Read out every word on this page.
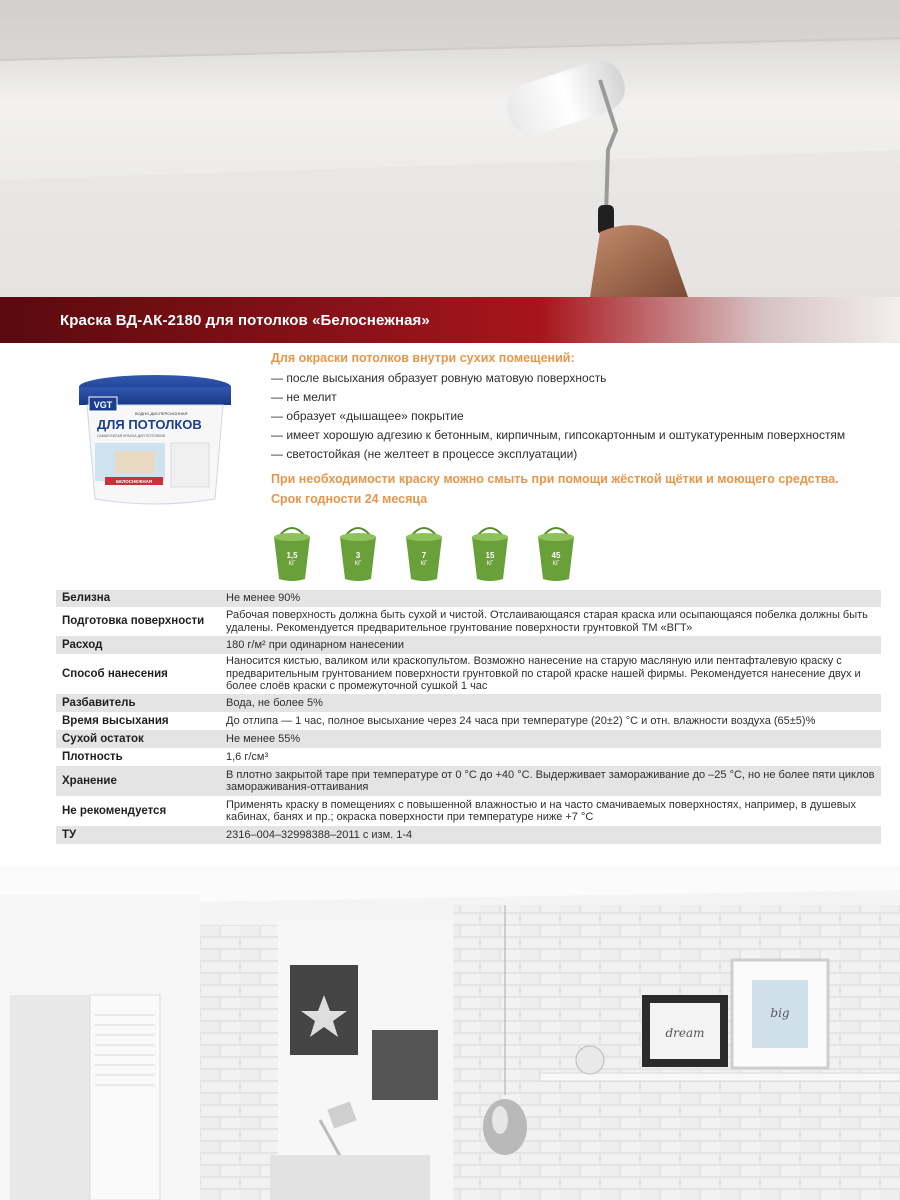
Краска ВД-АК-2180 для потолков «Белоснежная»
VGT
ВОДНО-ДИСПЕРСИОННАЯ
ДЛЯ ПОТОЛКОВ
САМАЯ БЕЛАЯ КРАСКА ДЛЯ ПОТОЛКОВ
БЕЛОСНЕЖНАЯ
Для окраски потолков внутри сухих помещений:
— после высыхания образует ровную матовую поверхность
— не мелит
— образует «дышащее» покрытие
— имеет хорошую адгезию к бетонным, кирпичным, гипсокартонным и оштукатуренным поверхностям
— светостойкая (не желтеет в процессе эксплуатации)
При необходимости краску можно смыть при помощи жёсткой щётки и моющего средства.
Срок годности 24 месяца
1,5
КГ
3
КГ
7
КГ
15
КГ
45
КГ
Белизна	Не менее 90%
Подготовка поверхности	Рабочая поверхность должна быть сухой и чистой. Отслаивающаяся старая краска или осыпающаяся побелка должны быть удалены. Рекомендуется предварительное грунтование поверхности грунтовкой ТМ «ВГТ»
Расход	180 г/м² при одинарном нанесении
Способ нанесения	Наносится кистью, валиком или краскопультом. Возможно нанесение на старую масляную или пентафталевую краску с предварительным грунтованием поверхности грунтовкой по старой краске нашей фирмы. Рекомендуется нанесение двух и более слоёв краски с промежуточной сушкой 1 час
Разбавитель	Вода, не более 5%
Время высыхания	До отлипа — 1 час, полное высыхание через 24 часа при температуре (20±2) °С и отн. влажности воздуха (65±5)%
Сухой остаток	Не менее 55%
Плотность	1,6 г/см³
Хранение	В плотно закрытой таре при температуре от 0 °С до +40 °С. Выдерживает замораживание до –25 °С, но не более пяти циклов замораживания-оттаивания
Не рекомендуется	Применять краску в помещениях с повышенной влажностью и на часто смачиваемых поверхностях, например, в душевых кабинах, банях и пр.; окраска поверхности при температуре ниже +7 °С
ТУ	2316–004–32998388–2011 с изм. 1-4
dream
big
